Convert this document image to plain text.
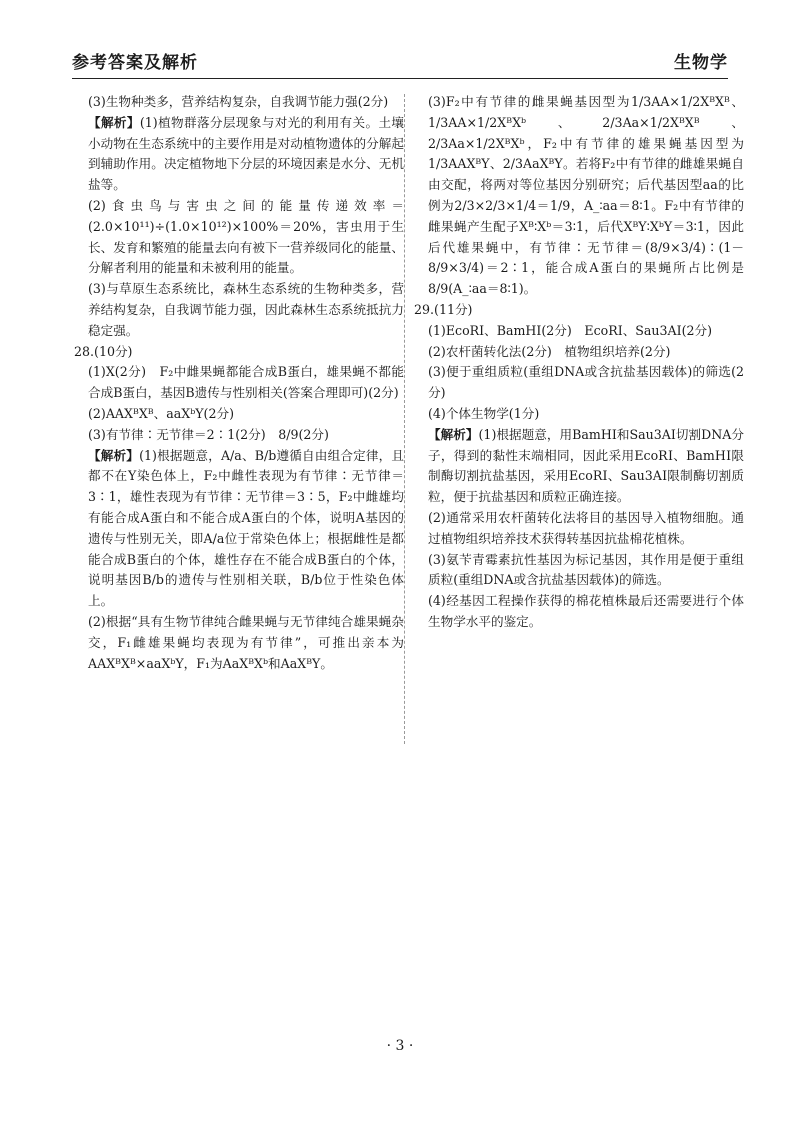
参考答案及解析	生物学

(3)生物种类多，营养结构复杂，自我调节能力强(2分)

【解析】(1)植物群落分层现象与对光的利用有关。土壤小动物在生态系统中的主要作用是对动植物遗体的分解起到辅助作用。决定植物地下分层的环境因素是水分、无机盐等。

(2)食虫鸟与害虫之间的能量传递效率＝(2.0×10¹¹)÷(1.0×10¹²)×100%＝20%，害虫用于生长、发育和繁殖的能量去向有被下一营养级同化的能量、分解者利用的能量和未被利用的能量。

(3)与草原生态系统比，森林生态系统的生物种类多，营养结构复杂，自我调节能力强，因此森林生态系统抵抗力稳定强。

28.(10分)

(1)X(2分)　F₂中雌果蝇都能合成B蛋白，雄果蝇不都能合成B蛋白，基因B遗传与性别相关(答案合理即可)(2分)

(2)AAXᴮXᴮ、aaXᵇY(2分)

(3)有节律∶无节律＝2∶1(2分)　8/9(2分)

【解析】(1)根据题意，A/a、B/b遵循自由组合定律，且都不在Y染色体上，F₂中雌性表现为有节律∶无节律＝3∶1，雄性表现为有节律∶无节律＝3∶5，F₂中雌雄均有能合成A蛋白和不能合成A蛋白的个体，说明A基因的遗传与性别无关，即A/a位于常染色体上；根据雌性是都能合成B蛋白的个体，雄性存在不能合成B蛋白的个体，说明基因B/b的遗传与性别相关联，B/b位于性染色体上。

(2)根据“具有生物节律纯合雌果蝇与无节律纯合雄果蝇杂交，F₁雌雄果蝇均表现为有节律”，可推出亲本为AAXᴮXᴮ×aaXᵇY，F₁为AaXᴮXᵇ和AaXᴮY。

(3)F₂中有节律的雌果蝇基因型为1/3AA×1/2XᴮXᴮ、1/3AA×1/2XᴮXᵇ、2/3Aa×1/2XᴮXᴮ、2/3Aa×1/2XᴮXᵇ，F₂中有节律的雄果蝇基因型为1/3AAXᴮY、2/3AaXᴮY。若将F₂中有节律的雌雄果蝇自由交配，将两对等位基因分别研究；后代基因型aa的比例为2/3×2/3×1/4＝1/9，A_∶aa＝8∶1。F₂中有节律的雌果蝇产生配子Xᴮ∶Xᵇ＝3∶1，后代XᴮY∶XᵇY＝3∶1，因此后代雄果蝇中，有节律∶无节律＝(8/9×3/4)∶(1－8/9×3/4)＝2∶1，能合成A蛋白的果蝇所占比例是8/9(A_∶aa＝8∶1)。

29.(11分)

(1)EcoRⅠ、BamHⅠ(2分)　EcoRⅠ、Sau3AⅠ(2分)

(2)农杆菌转化法(2分)　植物组织培养(2分)

(3)便于重组质粒(重组DNA或含抗盐基因载体)的筛选(2分)

(4)个体生物学(1分)

【解析】(1)根据题意，用BamHⅠ和Sau3AⅠ切割DNA分子，得到的黏性末端相同，因此采用EcoRⅠ、BamHⅠ限制酶切割抗盐基因，采用EcoRⅠ、Sau3AⅠ限制酶切割质粒，便于抗盐基因和质粒正确连接。

(2)通常采用农杆菌转化法将目的基因导入植物细胞。通过植物组织培养技术获得转基因抗盐棉花植株。

(3)氨苄青霉素抗性基因为标记基因，其作用是便于重组质粒(重组DNA或含抗盐基因载体)的筛选。

(4)经基因工程操作获得的棉花植株最后还需要进行个体生物学水平的鉴定。

· 3 ·
